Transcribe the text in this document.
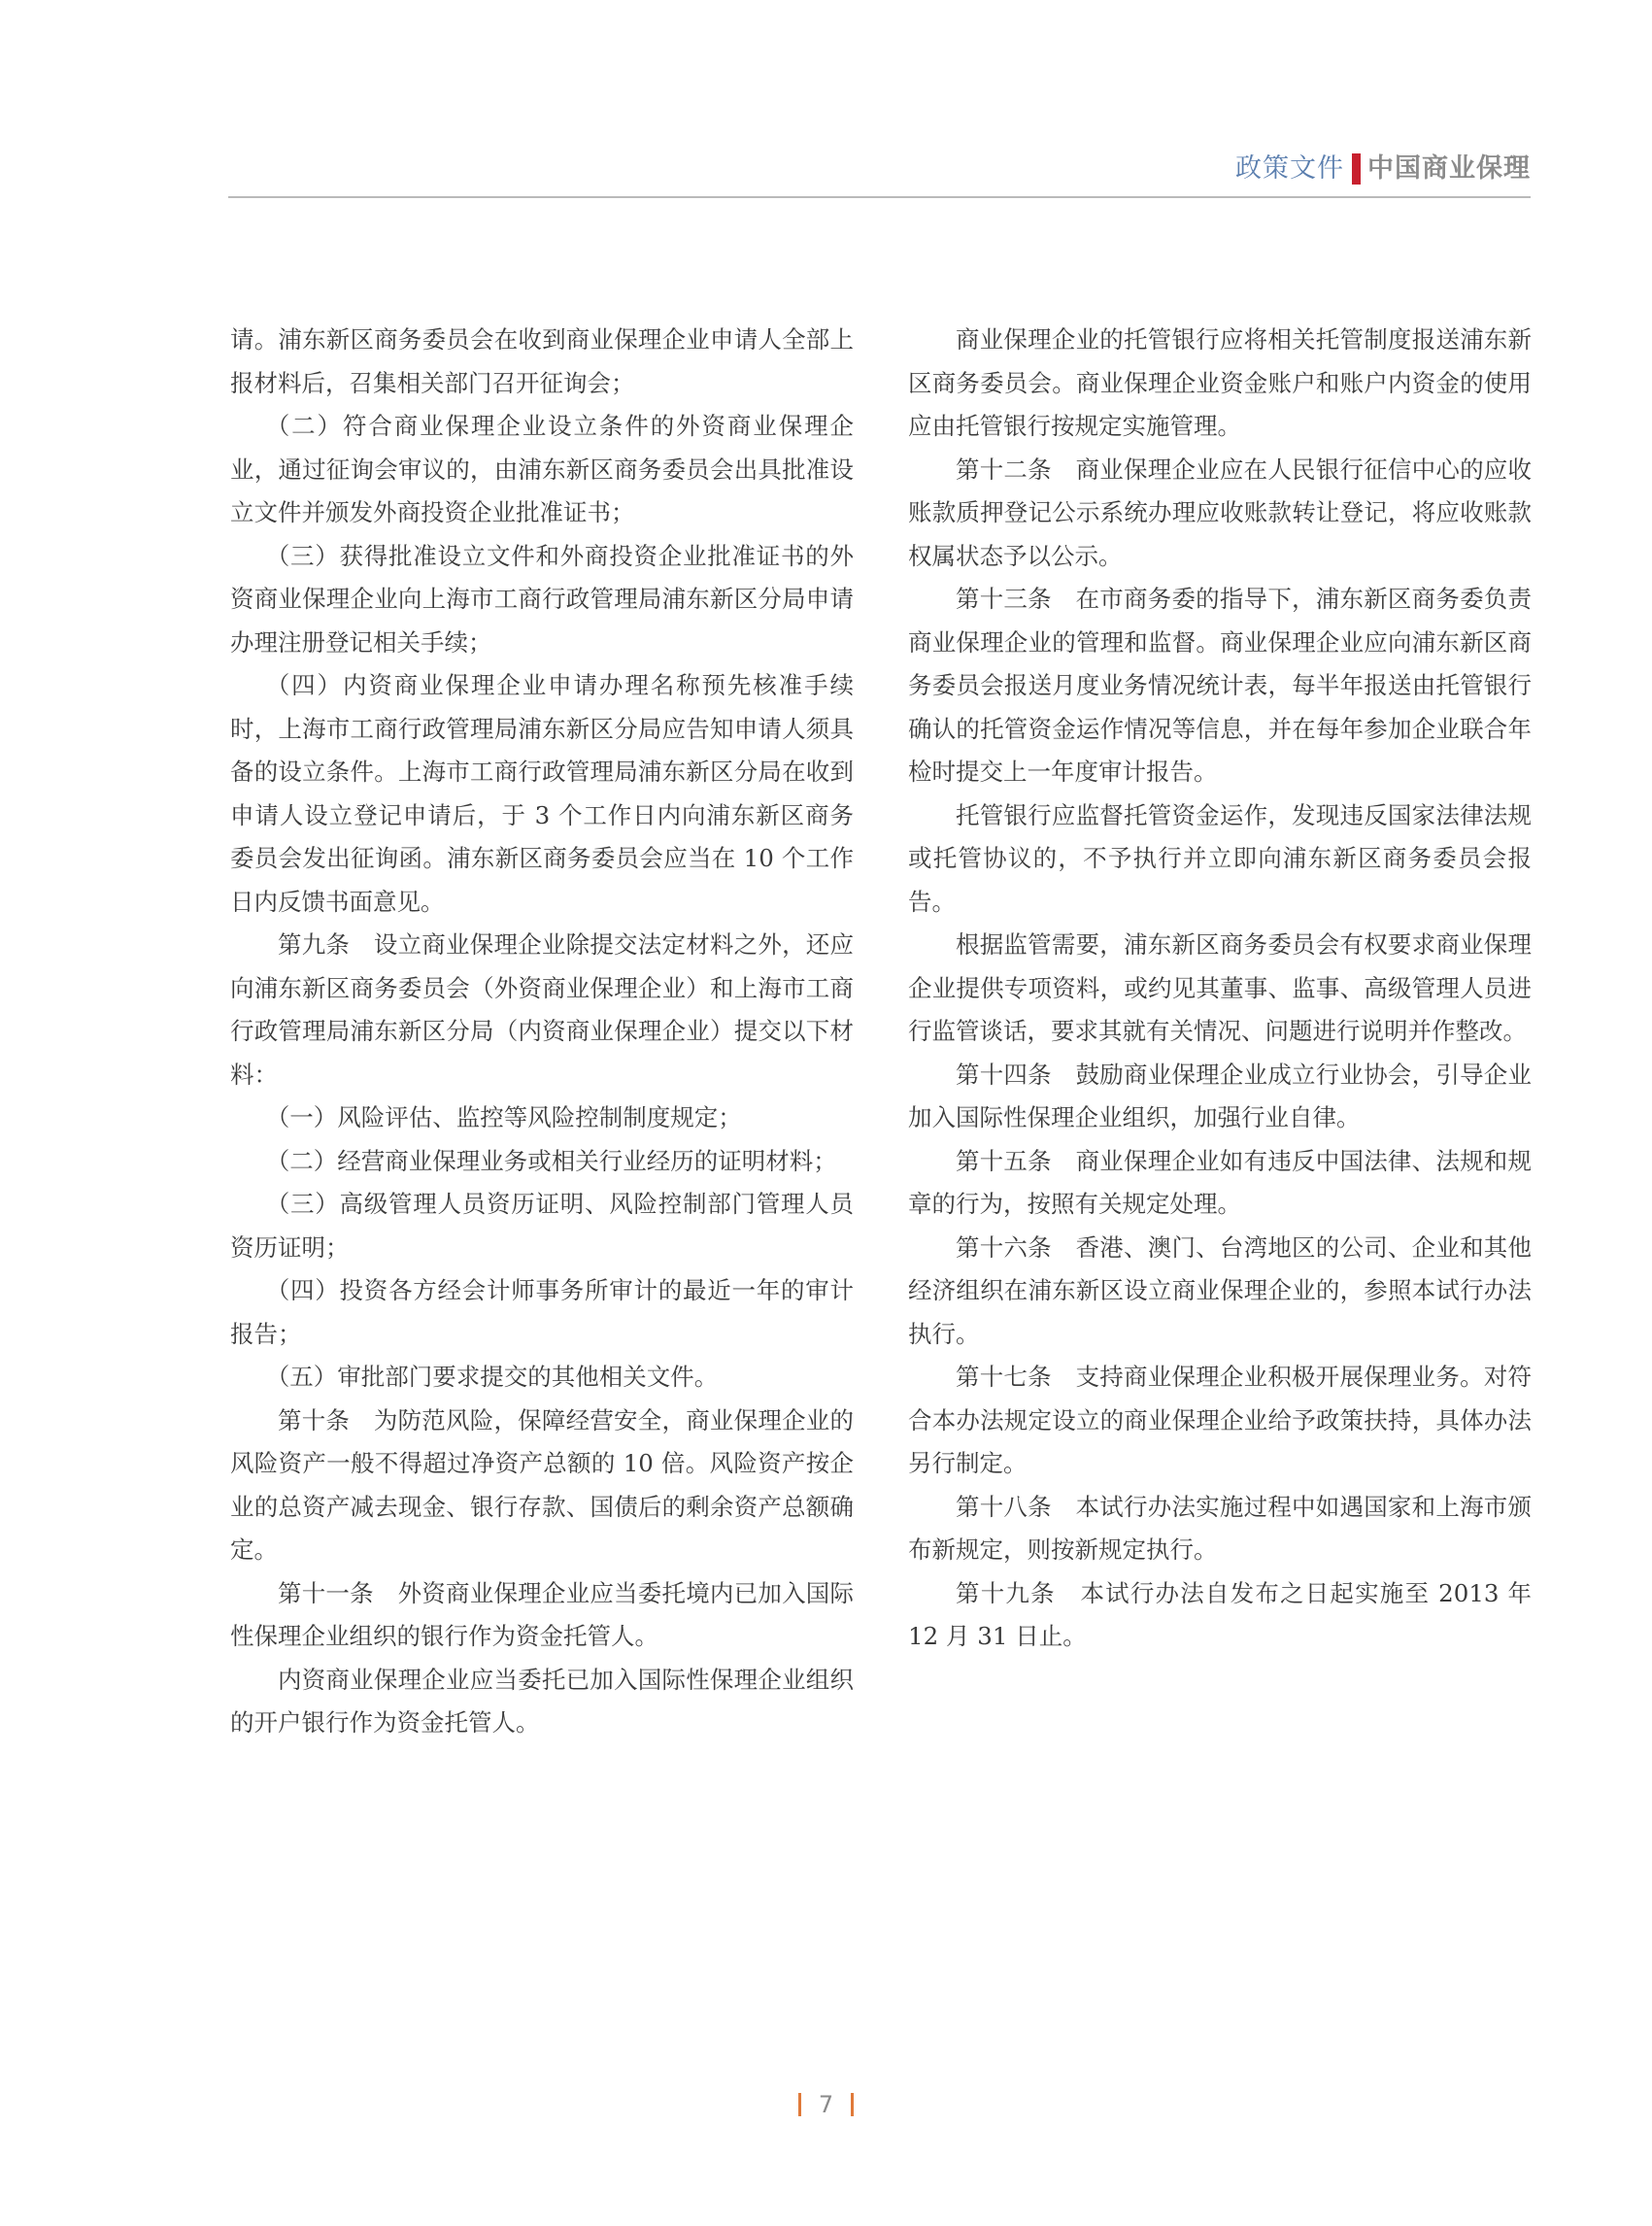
政策文件 中国商业保理

请。浦东新区商务委员会在收到商业保理企业申请人全部上报材料后，召集相关部门召开征询会；

（二）符合商业保理企业设立条件的外资商业保理企业，通过征询会审议的，由浦东新区商务委员会出具批准设立文件并颁发外商投资企业批准证书；

（三）获得批准设立文件和外商投资企业批准证书的外资商业保理企业向上海市工商行政管理局浦东新区分局申请办理注册登记相关手续；

（四）内资商业保理企业申请办理名称预先核准手续时，上海市工商行政管理局浦东新区分局应告知申请人须具备的设立条件。上海市工商行政管理局浦东新区分局在收到申请人设立登记申请后，于 3 个工作日内向浦东新区商务委员会发出征询函。浦东新区商务委员会应当在 10 个工作日内反馈书面意见。

第九条　设立商业保理企业除提交法定材料之外，还应向浦东新区商务委员会（外资商业保理企业）和上海市工商行政管理局浦东新区分局（内资商业保理企业）提交以下材料：

（一）风险评估、监控等风险控制制度规定；

（二）经营商业保理业务或相关行业经历的证明材料；

（三）高级管理人员资历证明、风险控制部门管理人员资历证明；

（四）投资各方经会计师事务所审计的最近一年的审计报告；

（五）审批部门要求提交的其他相关文件。

第十条　为防范风险，保障经营安全，商业保理企业的风险资产一般不得超过净资产总额的 10 倍。风险资产按企业的总资产减去现金、银行存款、国债后的剩余资产总额确定。

第十一条　外资商业保理企业应当委托境内已加入国际性保理企业组织的银行作为资金托管人。

内资商业保理企业应当委托已加入国际性保理企业组织的开户银行作为资金托管人。

商业保理企业的托管银行应将相关托管制度报送浦东新区商务委员会。商业保理企业资金账户和账户内资金的使用应由托管银行按规定实施管理。

第十二条　商业保理企业应在人民银行征信中心的应收账款质押登记公示系统办理应收账款转让登记，将应收账款权属状态予以公示。

第十三条　在市商务委的指导下，浦东新区商务委负责商业保理企业的管理和监督。商业保理企业应向浦东新区商务委员会报送月度业务情况统计表，每半年报送由托管银行确认的托管资金运作情况等信息，并在每年参加企业联合年检时提交上一年度审计报告。

托管银行应监督托管资金运作，发现违反国家法律法规或托管协议的，不予执行并立即向浦东新区商务委员会报告。

根据监管需要，浦东新区商务委员会有权要求商业保理企业提供专项资料，或约见其董事、监事、高级管理人员进行监管谈话，要求其就有关情况、问题进行说明并作整改。

第十四条　鼓励商业保理企业成立行业协会，引导企业加入国际性保理企业组织，加强行业自律。

第十五条　商业保理企业如有违反中国法律、法规和规章的行为，按照有关规定处理。

第十六条　香港、澳门、台湾地区的公司、企业和其他经济组织在浦东新区设立商业保理企业的，参照本试行办法执行。

第十七条　支持商业保理企业积极开展保理业务。对符合本办法规定设立的商业保理企业给予政策扶持，具体办法另行制定。

第十八条　本试行办法实施过程中如遇国家和上海市颁布新规定，则按新规定执行。

第十九条　本试行办法自发布之日起实施至 2013 年 12 月 31 日止。

7
